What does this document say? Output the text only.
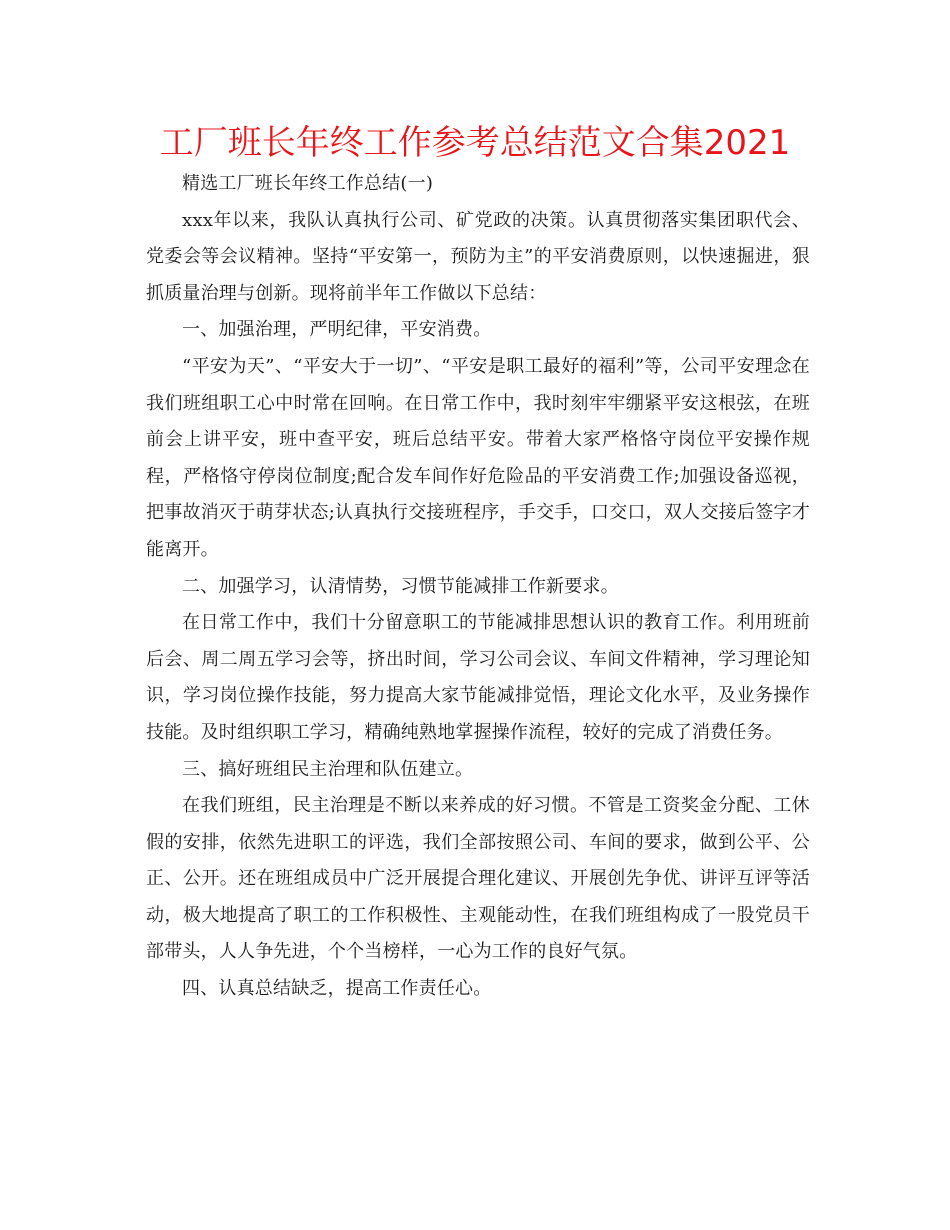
工厂班长年终工作参考总结范文合集2021

精选工厂班长年终工作总结(一)

xxx年以来，我队认真执行公司、矿党政的决策。认真贯彻落实集团职代会、党委会等会议精神。坚持“平安第一，预防为主”的平安消费原则，以快速掘进，狠抓质量治理与创新。现将前半年工作做以下总结：

一、加强治理，严明纪律，平安消费。

“平安为天”、“平安大于一切”、“平安是职工最好的福利”等，公司平安理念在我们班组职工心中时常在回响。在日常工作中，我时刻牢牢绷紧平安这根弦，在班前会上讲平安，班中查平安，班后总结平安。带着大家严格恪守岗位平安操作规程，严格恪守停岗位制度;配合发车间作好危险品的平安消费工作;加强设备巡视，把事故消灭于萌芽状态;认真执行交接班程序，手交手，口交口，双人交接后签字才能离开。

二、加强学习，认清情势，习惯节能减排工作新要求。

在日常工作中，我们十分留意职工的节能减排思想认识的教育工作。利用班前后会、周二周五学习会等，挤出时间，学习公司会议、车间文件精神，学习理论知识，学习岗位操作技能，努力提高大家节能减排觉悟，理论文化水平，及业务操作技能。及时组织职工学习，精确纯熟地掌握操作流程，较好的完成了消费任务。

三、搞好班组民主治理和队伍建立。

在我们班组，民主治理是不断以来养成的好习惯。不管是工资奖金分配、工休假的安排，依然先进职工的评选，我们全部按照公司、车间的要求，做到公平、公正、公开。还在班组成员中广泛开展提合理化建议、开展创先争优、讲评互评等活动，极大地提高了职工的工作积极性、主观能动性，在我们班组构成了一股党员干部带头，人人争先进，个个当榜样，一心为工作的良好气氛。

四、认真总结缺乏，提高工作责任心。
